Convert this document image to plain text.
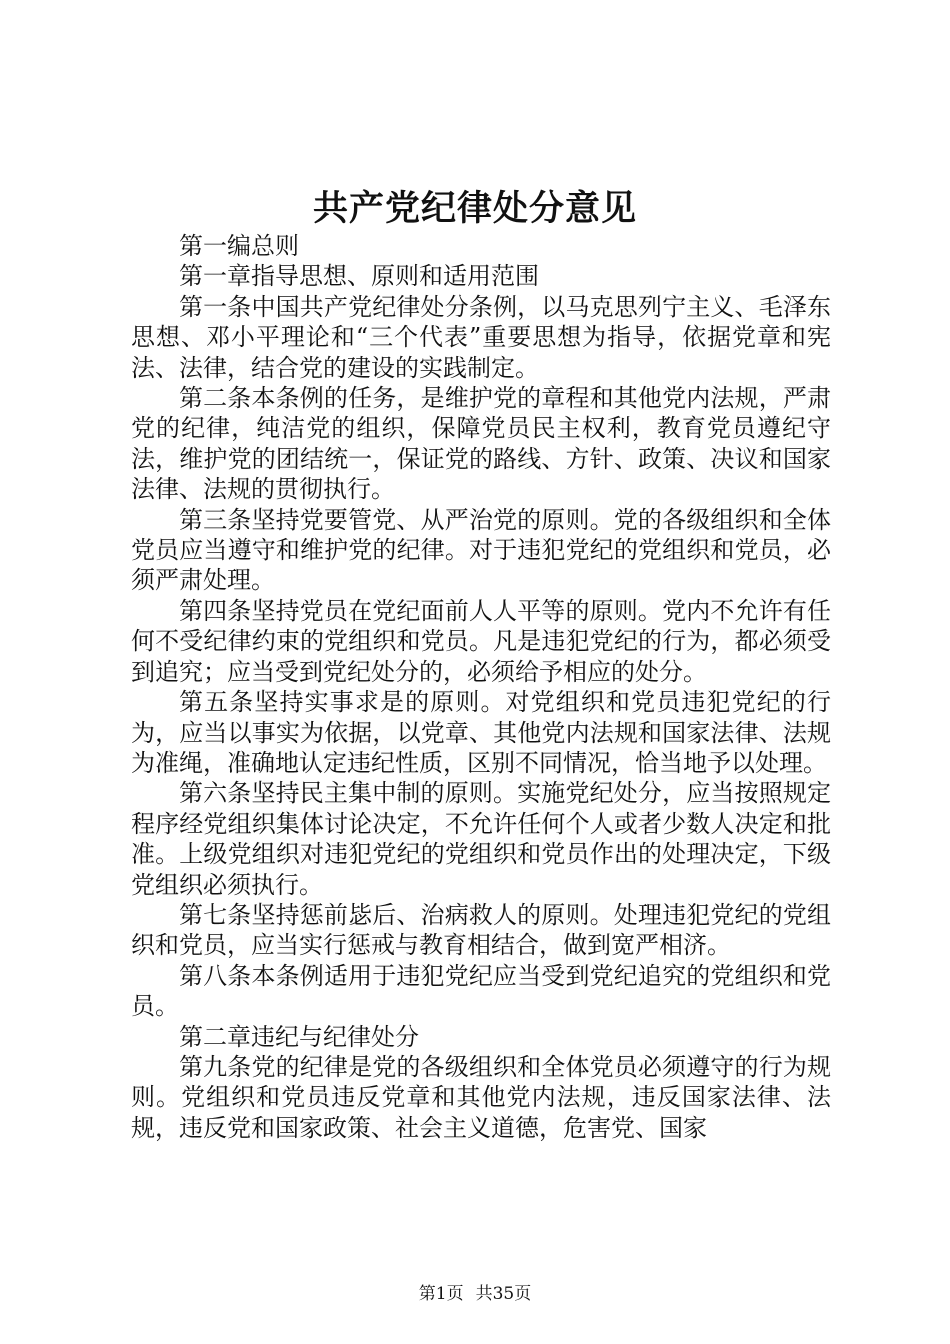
共产党纪律处分意见

第一编总则

第一章指导思想、原则和适用范围

第一条中国共产党纪律处分条例，以马克思列宁主义、毛泽东思想、邓小平理论和“三个代表”重要思想为指导，依据党章和宪法、法律，结合党的建设的实践制定。

第二条本条例的任务，是维护党的章程和其他党内法规，严肃党的纪律，纯洁党的组织，保障党员民主权利，教育党员遵纪守法，维护党的团结统一，保证党的路线、方针、政策、决议和国家法律、法规的贯彻执行。

第三条坚持党要管党、从严治党的原则。党的各级组织和全体党员应当遵守和维护党的纪律。对于违犯党纪的党组织和党员，必须严肃处理。

第四条坚持党员在党纪面前人人平等的原则。党内不允许有任何不受纪律约束的党组织和党员。凡是违犯党纪的行为，都必须受到追究；应当受到党纪处分的，必须给予相应的处分。

第五条坚持实事求是的原则。对党组织和党员违犯党纪的行为，应当以事实为依据，以党章、其他党内法规和国家法律、法规为准绳，准确地认定违纪性质，区别不同情况，恰当地予以处理。

第六条坚持民主集中制的原则。实施党纪处分，应当按照规定程序经党组织集体讨论决定，不允许任何个人或者少数人决定和批准。上级党组织对违犯党纪的党组织和党员作出的处理决定，下级党组织必须执行。

第七条坚持惩前毖后、治病救人的原则。处理违犯党纪的党组织和党员，应当实行惩戒与教育相结合，做到宽严相济。

第八条本条例适用于违犯党纪应当受到党纪追究的党组织和党员。

第二章违纪与纪律处分

第九条党的纪律是党的各级组织和全体党员必须遵守的行为规则。党组织和党员违反党章和其他党内法规，违反国家法律、法规，违反党和国家政策、社会主义道德，危害党、国家

第1页 共35页
